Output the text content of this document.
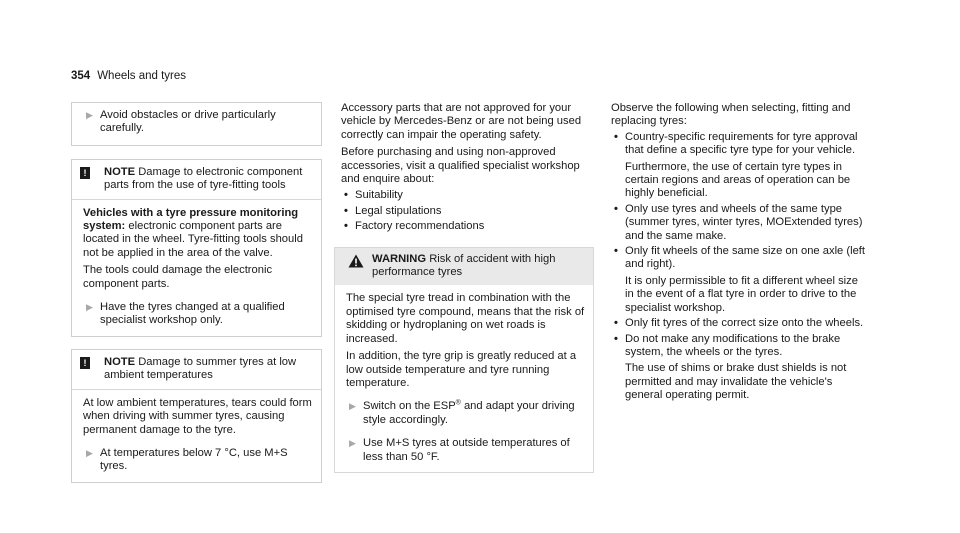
354 Wheels and tyres
▶ Avoid obstacles or drive particularly carefully.
!	NOTE Damage to electronic component parts from the use of tyre-fitting tools

Vehicles with a tyre pressure monitoring system: electronic component parts are located in the wheel. Tyre-fitting tools should not be applied in the area of the valve.

The tools could damage the electronic component parts.

▶ Have the tyres changed at a qualified specialist workshop only.
!	NOTE Damage to summer tyres at low ambient temperatures

At low ambient temperatures, tears could form when driving with summer tyres, causing permanent damage to the tyre.

▶ At temperatures below 7 °C, use M+S tyres.

Accessory parts that are not approved for your vehicle by Mercedes-Benz or are not being used correctly can impair the operating safety.

Before purchasing and using non-approved accessories, visit a qualified specialist workshop and enquire about:

• Suitability
• Legal stipulations
• Factory recommendations
WARNING Risk of accident with high performance tyres

The special tyre tread in combination with the optimised tyre compound, means that the risk of skidding or hydroplaning on wet roads is increased.

In addition, the tyre grip is greatly reduced at a low outside temperature and tyre running temperature.

▶ Switch on the ESP® and adapt your driving style accordingly.
▶ Use M+S tyres at outside temperatures of less than 50 °F.

Observe the following when selecting, fitting and replacing tyres:

• Country-specific requirements for tyre approval that define a specific tyre type for your vehicle.
Furthermore, the use of certain tyre types in certain regions and areas of operation can be highly beneficial.
• Only use tyres and wheels of the same type (summer tyres, winter tyres, MOExtended tyres) and the same make.
• Only fit wheels of the same size on one axle (left and right).
It is only permissible to fit a different wheel size in the event of a flat tyre in order to drive to the specialist workshop.
• Only fit tyres of the correct size onto the wheels.
• Do not make any modifications to the brake system, the wheels or the tyres.
The use of shims or brake dust shields is not permitted and may invalidate the vehicle's general operating permit.
